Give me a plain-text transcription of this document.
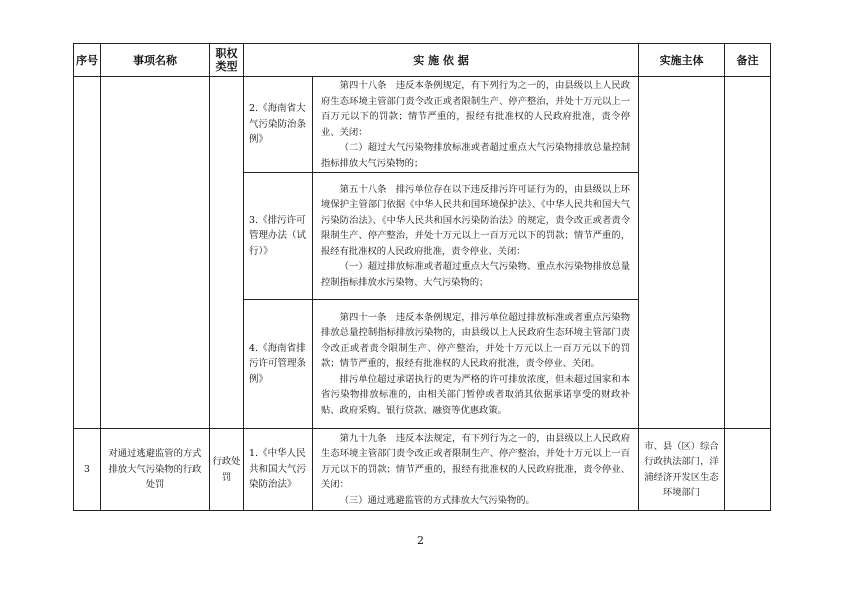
序号	事项名称	职权类型	实 施 依 据		实施主体	备注
			2.《海南省大气污染防治条例》	第四十八条　违反本条例规定，有下列行为之一的，由县级以上人民政府生态环境主管部门责令改正或者限制生产、停产整治，并处十万元以上一百万元以下的罚款；情节严重的，报经有批准权的人民政府批准，责令停业、关闭：

（二）超过大气污染物排放标准或者超过重点大气污染物排放总量控制指标排放大气污染物的；		

			3.《排污许可管理办法（试行）》	第五十八条　排污单位存在以下违反排污许可证行为的，由县级以上环境保护主管部门依据《中华人民共和国环境保护法》、《中华人民共和国大气污染防治法》、《中华人民共和国水污染防治法》的规定，责令改正或者责令限制生产、停产整治，并处十万元以上一百万元以下的罚款；情节严重的，报经有批准权的人民政府批准，责令停业、关闭：

（一）超过排放标准或者超过重点大气污染物、重点水污染物排放总量控制指标排放水污染物、大气污染物的；		

			4.《海南省排污许可管理条例》	第四十一条　违反本条例规定，排污单位超过排放标准或者重点污染物排放总量控制指标排放污染物的，由县级以上人民政府生态环境主管部门责令改正或者责令限制生产、停产整治，并处十万元以上一百万元以下的罚款；情节严重的，报经有批准权的人民政府批准，责令停业、关闭。

排污单位超过承诺执行的更为严格的许可排放浓度，但未超过国家和本省污染物排放标准的，由相关部门暂停或者取消其依据承诺享受的财政补贴、政府采购、银行贷款、融资等优惠政策。		

3	对通过逃避监管的方式排放大气污染物的行政处罚	行政处罚	1.《中华人民共和国大气污染防治法》	第九十九条　违反本法规定，有下列行为之一的，由县级以上人民政府生态环境主管部门责令改正或者限制生产、停产整治，并处十万元以上一百万元以下的罚款；情节严重的，报经有批准权的人民政府批准，责令停业、关闭：

（三）通过逃避监管的方式排放大气污染物的。	市、县（区）综合行政执法部门，洋浦经济开发区生态环境部门	
2
